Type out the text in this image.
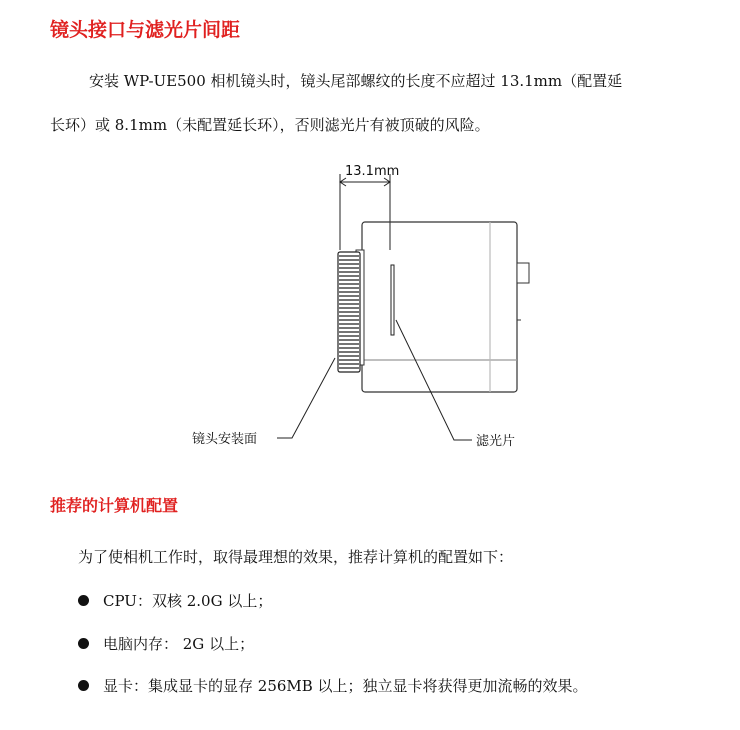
镜头接口与滤光片间距

安装 WP-UE500 相机镜头时，镜头尾部螺纹的长度不应超过 13.1mm（配置延

长环）或 8.1mm（未配置延长环），否则滤光片有被顶破的风险。

13.1mm
镜头安装面	滤光片
推荐的计算机配置

为了使相机工作时，取得最理想的效果，推荐计算机的配置如下：

CPU：双核 2.0G 以上；
电脑内存： 2G 以上；
显卡：集成显卡的显存 256MB 以上；独立显卡将获得更加流畅的效果。
